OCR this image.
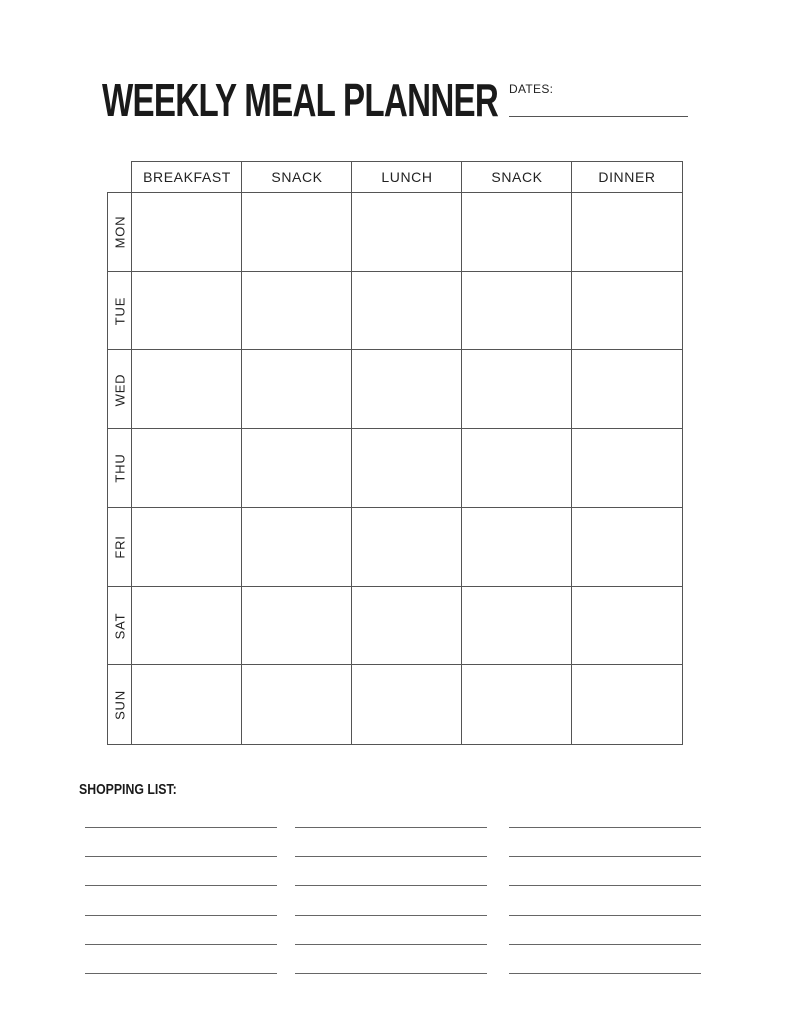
WEEKLY MEAL PLANNER DATES:
BREAKFAST	SNACK	LUNCH	SNACK	DINNER
MON
TUE
WED
THU
FRI
SAT
SUN
SHOPPING LIST:
